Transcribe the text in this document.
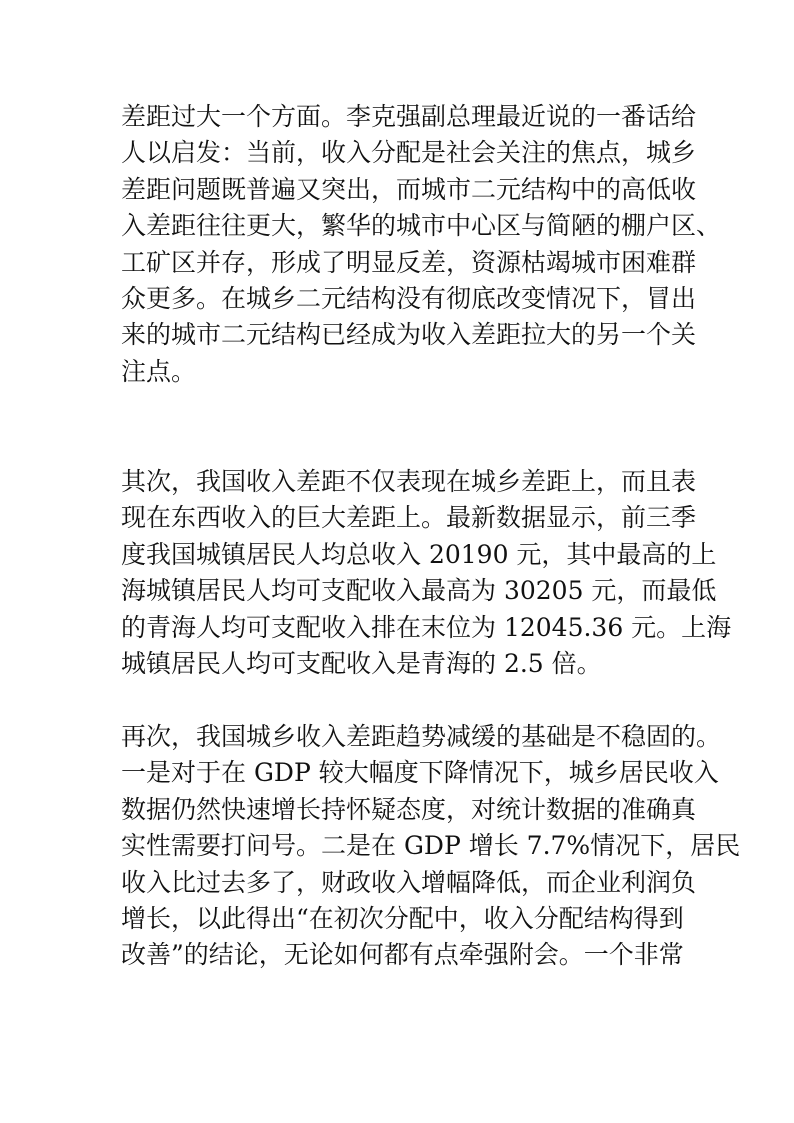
差距过大一个方面。李克强副总理最近说的一番话给
人以启发：当前，收入分配是社会关注的焦点，城乡
差距问题既普遍又突出，而城市二元结构中的高低收
入差距往往更大，繁华的城市中心区与简陋的棚户区、
工矿区并存，形成了明显反差，资源枯竭城市困难群
众更多。在城乡二元结构没有彻底改变情况下，冒出
来的城市二元结构已经成为收入差距拉大的另一个关
注点。
其次，我国收入差距不仅表现在城乡差距上，而且表
现在东西收入的巨大差距上。最新数据显示，前三季
度我国城镇居民人均总收入 20190 元，其中最高的上
海城镇居民人均可支配收入最高为 30205 元，而最低
的青海人均可支配收入排在末位为 12045.36 元。上海
城镇居民人均可支配收入是青海的 2.5 倍。
再次，我国城乡收入差距趋势减缓的基础是不稳固的。
一是对于在 GDP 较大幅度下降情况下，城乡居民收入
数据仍然快速增长持怀疑态度，对统计数据的准确真
实性需要打问号。二是在 GDP 增长 7.7%情况下，居民
收入比过去多了，财政收入增幅降低，而企业利润负
增长，以此得出“在初次分配中，收入分配结构得到
改善”的结论，无论如何都有点牵强附会。一个非常
